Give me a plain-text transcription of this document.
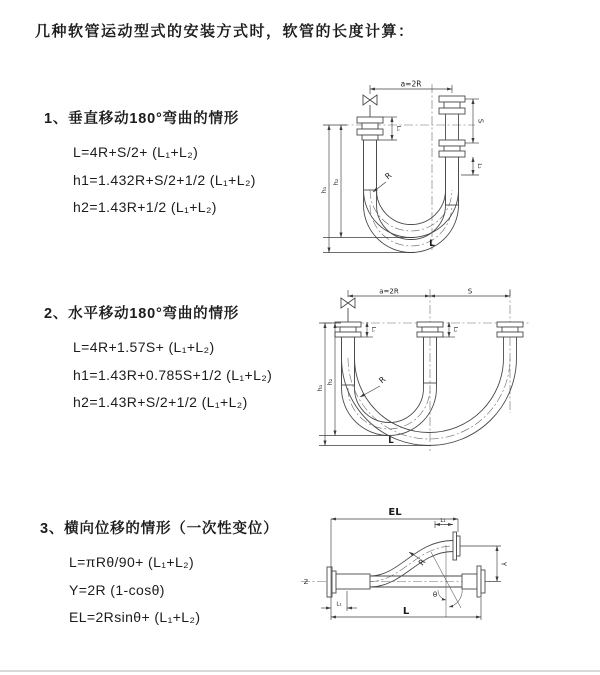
几种软管运动型式的安装方式时，软管的长度计算：
1、垂直移动180°弯曲的情形
L=4R+S/2+ (L₁+L₂)
h1=1.432R+S/2+1/2 (L₁+L₂)
h2=1.43R+1/2 (L₁+L₂)
2、水平移动180°弯曲的情形
L=4R+1.57S+ (L₁+L₂)
h1=1.43R+0.785S+1/2 (L₁+L₂)
h2=1.43R+S/2+1/2 (L₁+L₂)
3、横向位移的情形（一次性变位）
L=πRθ/90+ (L₁+L₂)
Y=2R (1-cosθ)
EL=2Rsinθ+ (L₁+L₂)
a=2R
S
L₂
L₁
h₁
h₂
R
L
a=2R	S
L₁	L₂
h₁
h₂	R
L
θ
EL
L₁
Y
L
L₁
R
Z
